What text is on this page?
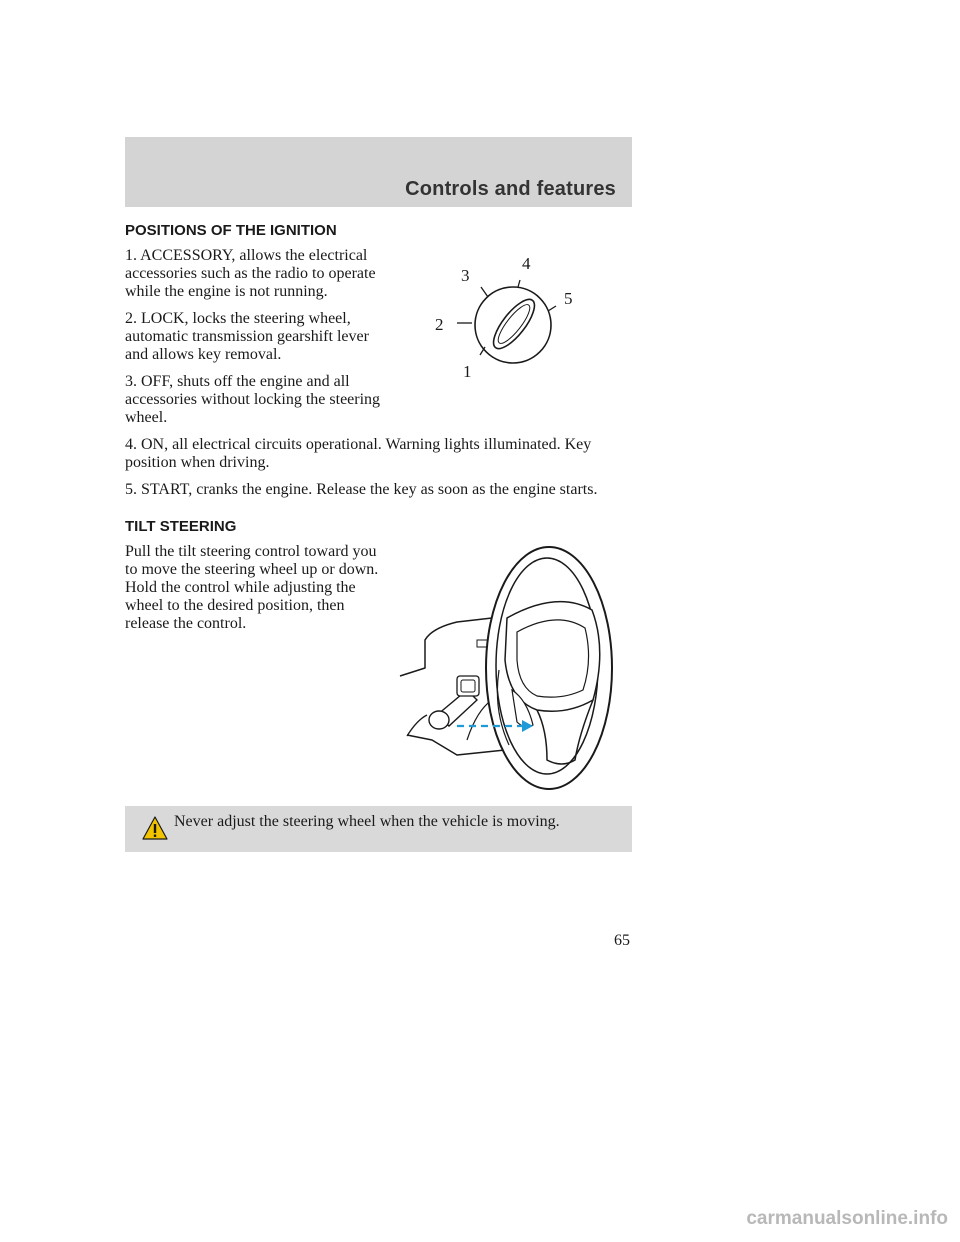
Controls and features
POSITIONS OF THE IGNITION

1. ACCESSORY, allows the electrical accessories such as the radio to operate while the engine is not running.

2. LOCK, locks the steering wheel, automatic transmission gearshift lever and allows key removal.

3. OFF, shuts off the engine and all accessories without locking the steering wheel.

4. ON, all electrical circuits operational. Warning lights illuminated. Key position when driving.

5. START, cranks the engine. Release the key as soon as the engine starts.

1
2
3
4
5
TILT STEERING

Pull the tilt steering control toward you to move the steering wheel up or down. Hold the control while adjusting the wheel to the desired position, then release the control.

Never adjust the steering wheel when the vehicle is moving.
65
carmanualsonline.info
